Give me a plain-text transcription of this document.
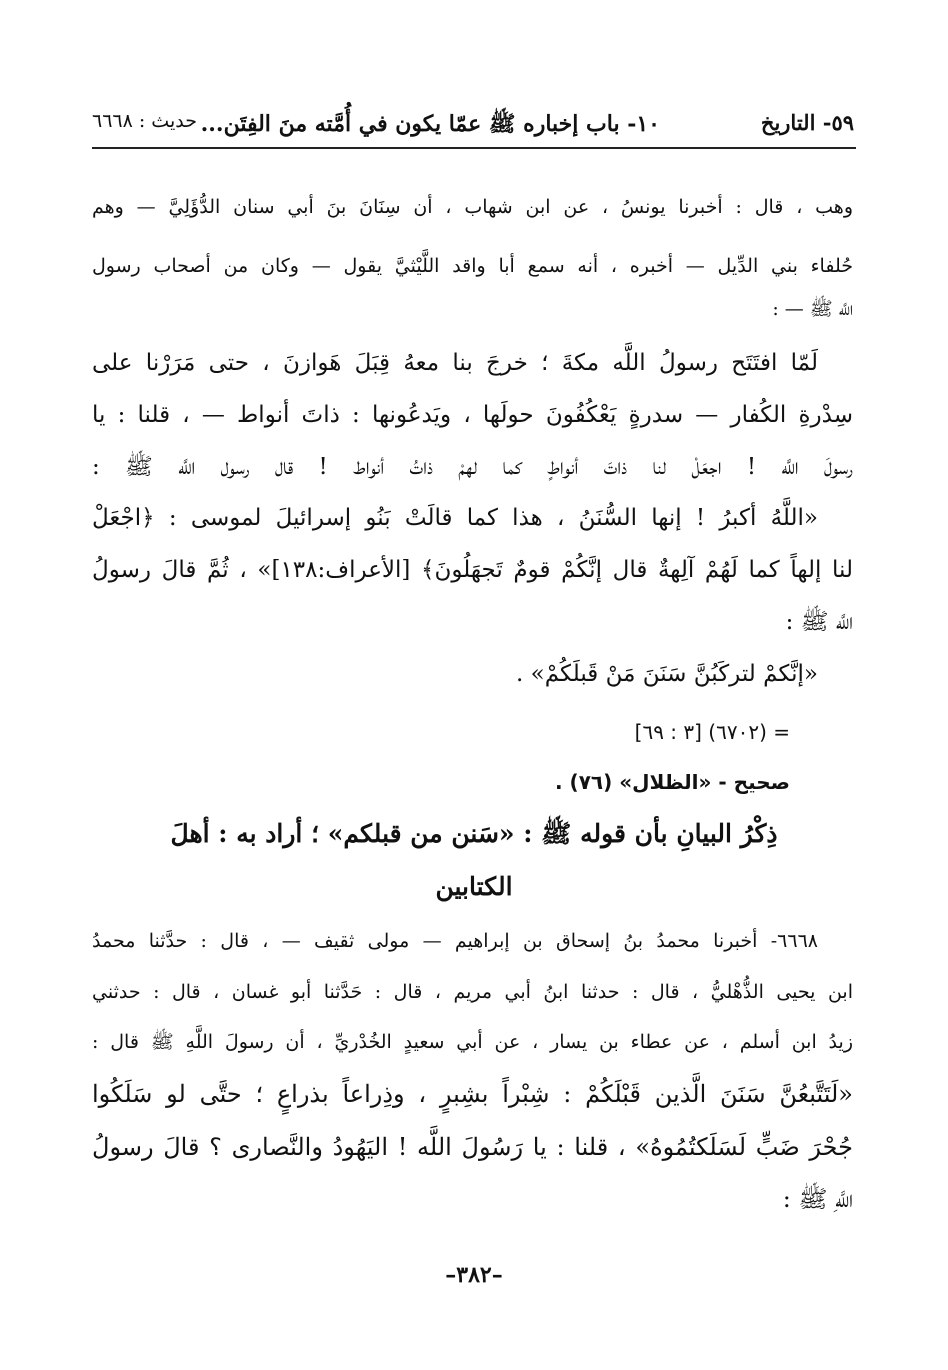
٥٩- التاريخ
١٠- باب إخباره ﷺ عمّا يكون في أُمَّته منَ الفِتَن...
حديث : ٦٦٦٨
وهب ، قال : أخبرنا يونسُ ، عن ابن شهاب ، أن سِنَانَ بنَ أبي سنان الدُّؤَلِيَّ — وهم
حُلفاء بني الدِّيل — أخبره ، أنه سمع أبا واقد اللَّيْثيَّ يقول — وكان من أصحاب رسول
اللَّه ﷺ — :
لَمّا افتَتَح رسولُ اللَّه مكةَ ؛ خرجَ بنا معهُ قِبَلَ هَوازنَ ، حتى مَرَرْنا على
سِدْرةِ الكُفار — سدرةٍ يَعْكُفُونَ حولَها ، ويَدعُونها : ذاتَ أنواط — ، قلنا : يا
رسولَ اللَّه ! اجعَلْ لنا ذاتَ أنواطٍ كما لهمْ ذاتُ أنواط ! قال رسول اللَّه ﷺ :
«اللَّهُ أكبرُ ! إنها السُّنَنُ ، هذا كما قالَتْ بَنُو إسرائيلَ لموسى : ﴿اجْعَلْ
لنا إلهاً كما لَهُمْ آلِهةٌ قال إنَّكُمْ قومٌ تَجهَلُونَ﴾ [الأعراف:١٣٨]» ، ثُمَّ قالَ رسولُ
اللَّه ﷺ :
«إنَّكمْ لتركَبُنَّ سَنَنَ مَنْ قَبلَكُمْ» .
= (٦٧٠٢) [٣ : ٦٩]
صحيح - «الظلال» (٧٦) .
ذِكْرُ البيانِ بأن قوله ﷺ : «سَنن من قبلكم» ؛ أراد به : أهلَ
الكتابين
٦٦٦٨- أخبرنا محمدُ بنُ إسحاق بن إبراهيم — مولى ثقيف — ، قال : حدَّثنا محمدُ
ابن يحيى الذُّهْليُّ ، قال : حدثنا ابنُ أبي مريم ، قال : حَدَّثنا أبو غسان ، قال : حدثني
زيدُ ابن أسلم ، عن عطاء بن يسار ، عن أبي سعيدٍ الخُدْريِّ ، أن رسولَ اللَّهِ ﷺ قال :
«لَتَتَّبعُنَّ سَنَنَ الَّذين قَبْلَكُمْ : شِبْراً بشِبرٍ ، وذِراعاً بذراعٍ ؛ حتَّى لو سَلَكُوا
جُحْرَ ضَبٍّ لَسَلَكتُمُوهُ» ، قلنا : يا رَسُولَ اللَّه ! اليَهُودُ والنَّصارى ؟ قالَ رسولُ
اللَّهِ ﷺ :
–٣٨٢–
